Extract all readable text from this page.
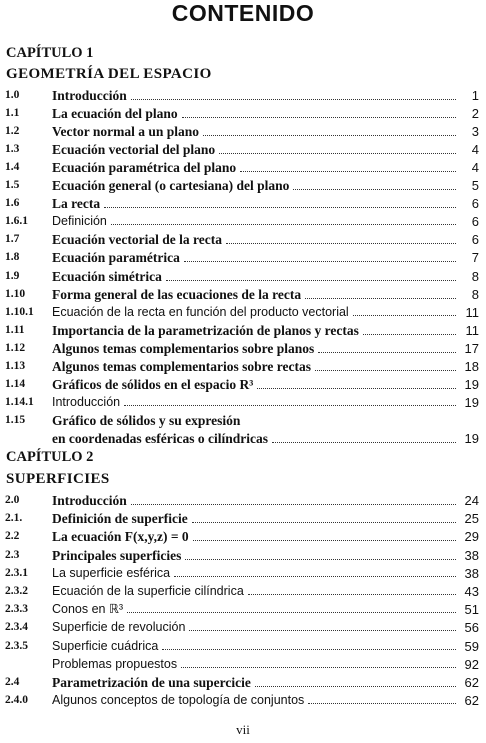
CONTENIDO
CAPÍTULO 1
GEOMETRÍA DEL ESPACIO
1.0 Introducción	1
1.1 La ecuación del plano	2
1.2 Vector normal a un plano	3
1.3 Ecuación vectorial del plano	4
1.4 Ecuación paramétrica del plano	4
1.5 Ecuación general (o cartesiana) del plano	5
1.6 La recta	6
1.6.1 Definición	6
1.7 Ecuación vectorial de la recta	6
1.8 Ecuación paramétrica	7
1.9 Ecuación simétrica	8
1.10 Forma general de las ecuaciones de la recta	8
1.10.1 Ecuación de la recta en función del producto vectorial	11
1.11 Importancia de la parametrización de planos y rectas	11
1.12 Algunos temas complementarios sobre planos	17
1.13 Algunos temas complementarios sobre rectas	18
1.14 Gráficos de sólidos en el espacio R³	19
1.14.1 Introducción	19
1.15 Gráfico de sólidos y su expresión
en coordenadas esféricas o cilíndricas	19
CAPÍTULO 2
SUPERFICIES
2.0 Introducción	24
2.1. Definición de superficie	25
2.2 La ecuación F(x,y,z) = 0	29
2.3 Principales superficies	38
2.3.1 La superficie esférica	38
2.3.2 Ecuación de la superficie cilíndrica	43
2.3.3 Conos en ℝ³	51
2.3.4 Superficie de revolución	56
2.3.5 Superficie cuádrica	59
Problemas propuestos	92
2.4 Parametrización de una supercicie	62
2.4.0 Algunos conceptos de topología de conjuntos	62
vii
